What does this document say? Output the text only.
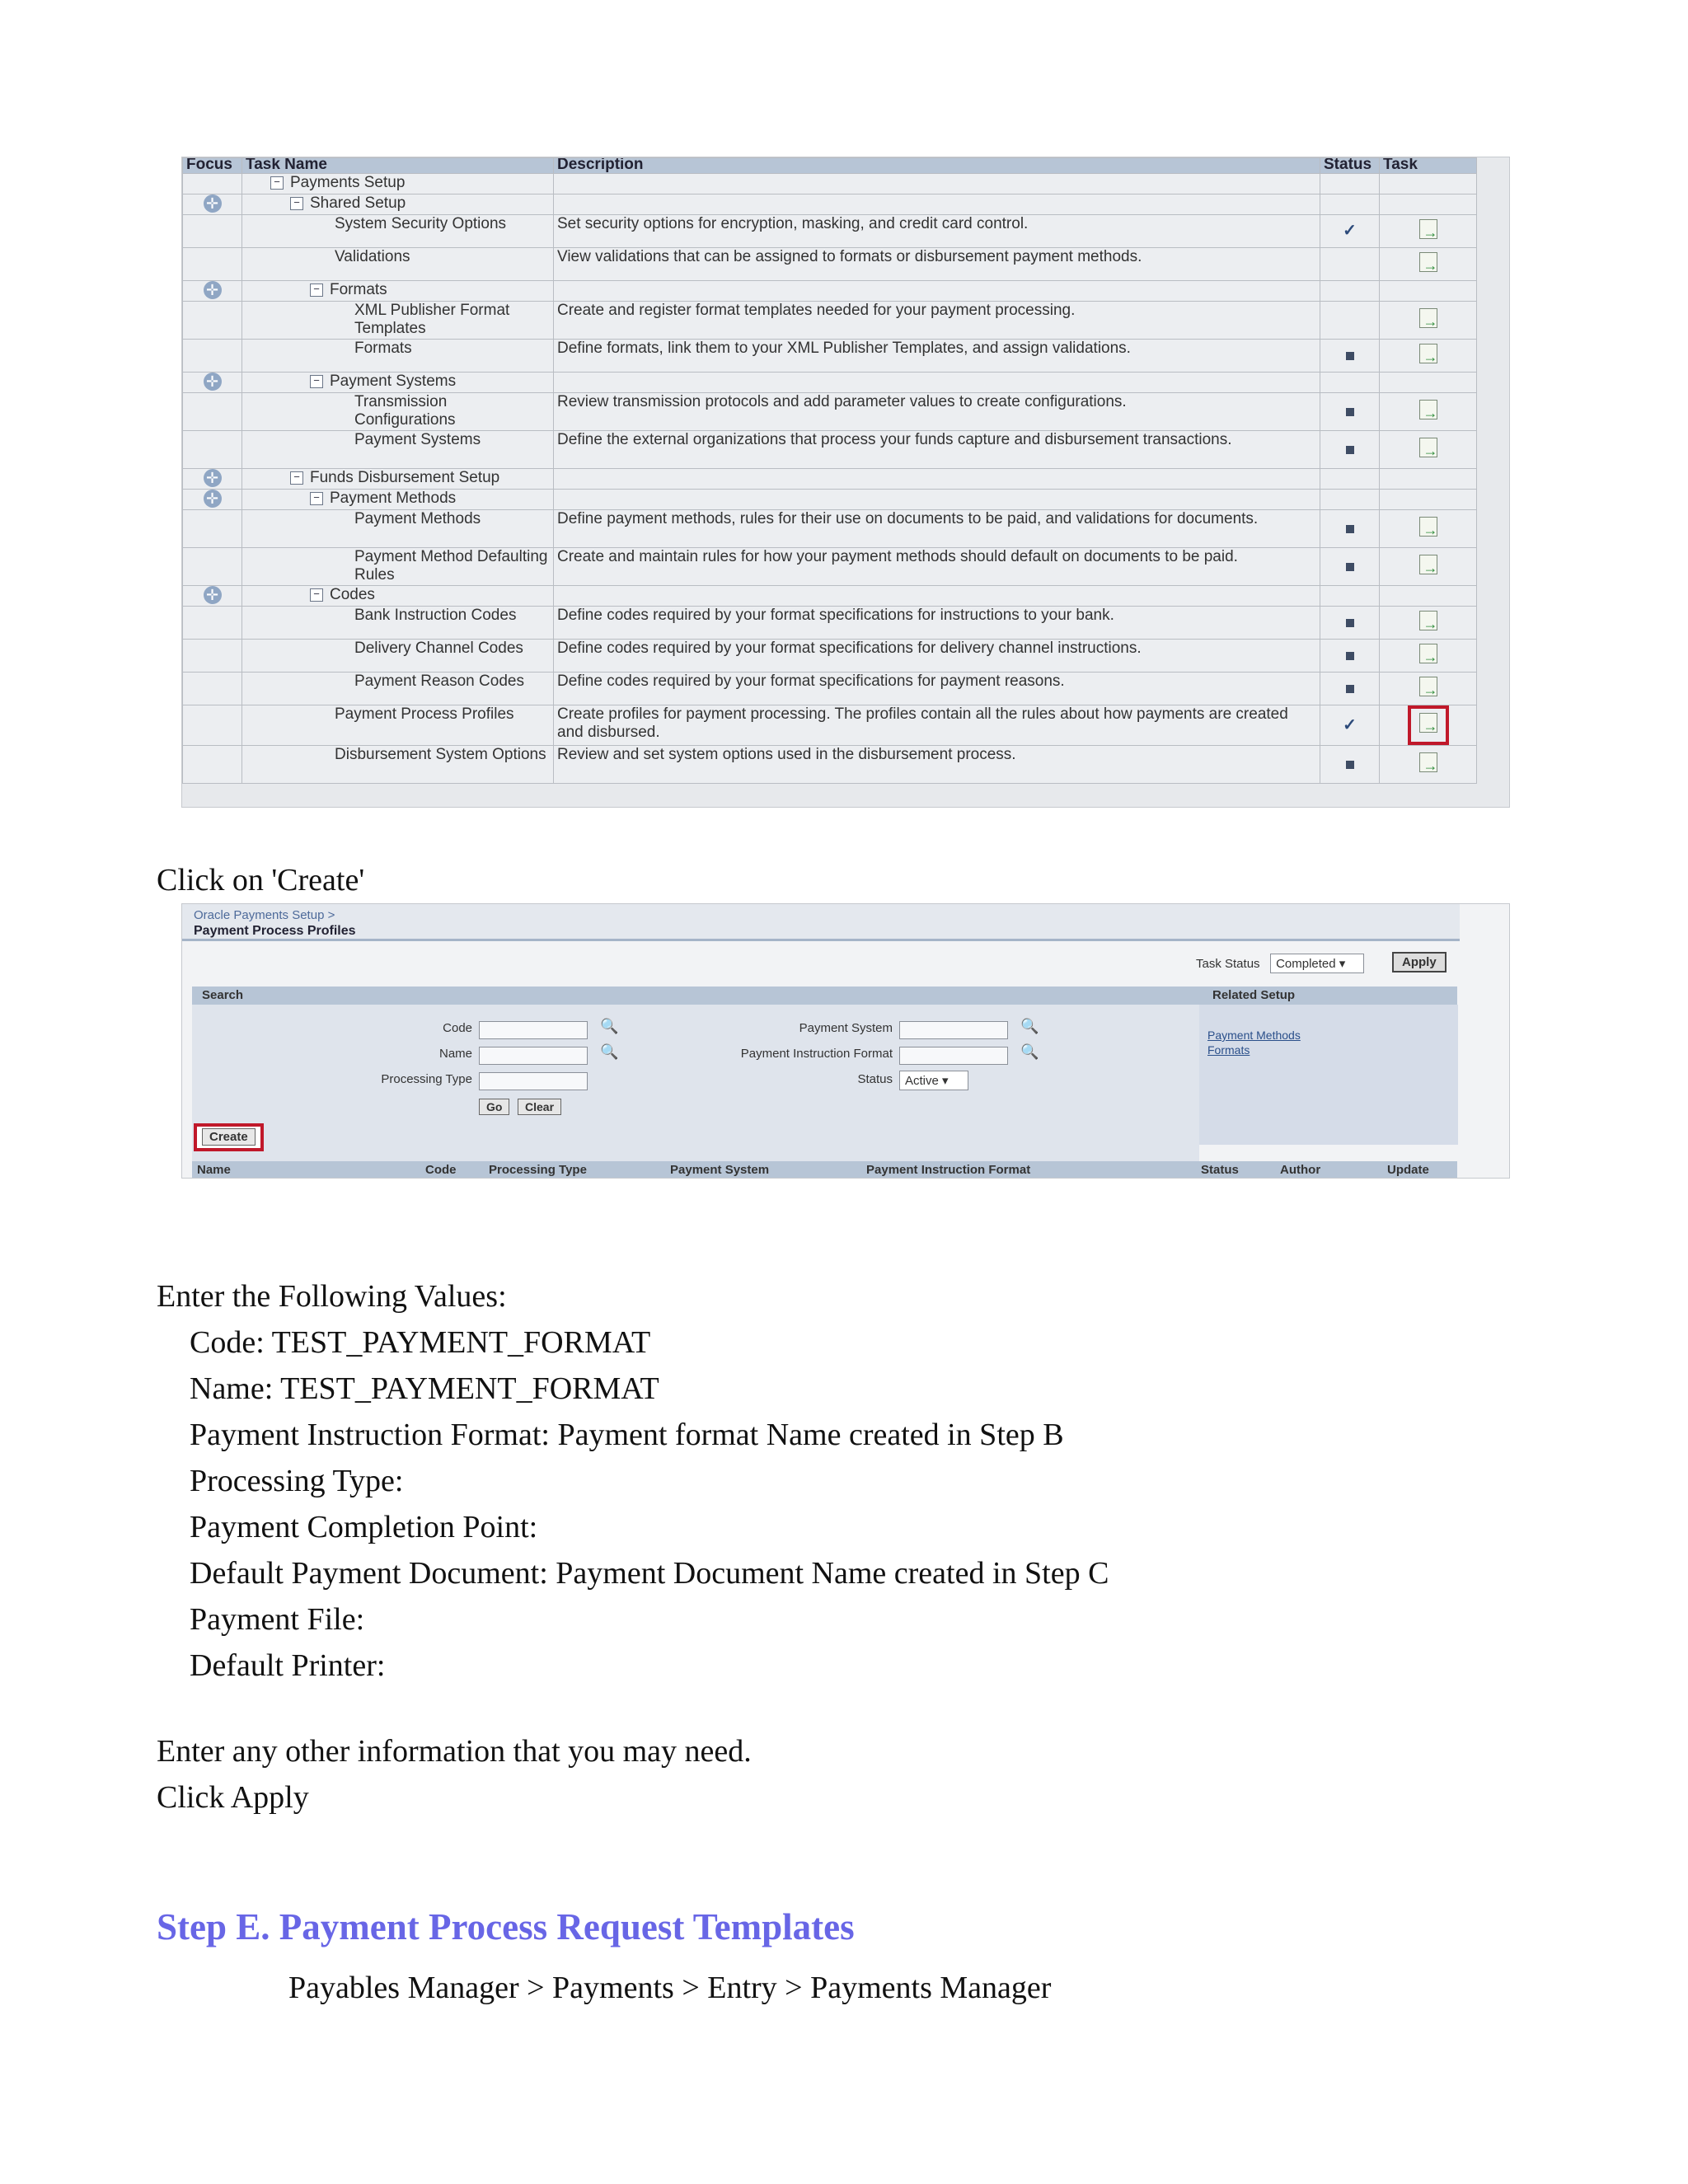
Focus	Task Name	Description	Status	Task
	− Payments Setup			
✛	− Shared Setup			
	System Security Options	Set security options for encryption, masking, and credit card control.	✓	→
	Validations	View validations that can be assigned to formats or disbursement payment methods.		→
✛	− Formats			
	XML Publisher Format Templates	Create and register format templates needed for your payment processing.		→
	Formats	Define formats, link them to your XML Publisher Templates, and assign validations.		→
✛	− Payment Systems			
	Transmission Configurations	Review transmission protocols and add parameter values to create configurations.		→
	Payment Systems	Define the external organizations that process your funds capture and disbursement transactions.		→
✛	− Funds Disbursement Setup			
✛	− Payment Methods			
	Payment Methods	Define payment methods, rules for their use on documents to be paid, and validations for documents.		→
	Payment Method Defaulting Rules	Create and maintain rules for how your payment methods should default on documents to be paid.		→
✛	− Codes			
	Bank Instruction Codes	Define codes required by your format specifications for instructions to your bank.		→
	Delivery Channel Codes	Define codes required by your format specifications for delivery channel instructions.		→
	Payment Reason Codes	Define codes required by your format specifications for payment reasons.		→
	Payment Process Profiles	Create profiles for payment processing. The profiles contain all the rules about how payments are created and disbursed.	✓	→
	Disbursement System Options	Review and set system options used in the disbursement process.		→

Click on 'Create'

Oracle Payments Setup >
Payment Process Profiles
Task Status Completed ▾	Apply
Search	Related Setup
Code	🔍
Name	🔍
Processing Type
Go	Clear
Payment System	🔍
Payment Instruction Format	🔍
Status	Active ▾
Payment Methods
Formats
Create
Name	Code	Processing Type	Payment System	Payment Instruction Format	Status	Author	Update
Enter the Following Values:
Code: TEST_PAYMENT_FORMAT
Name: TEST_PAYMENT_FORMAT
Payment Instruction Format: Payment format Name created in Step B
Processing Type:
Payment Completion Point:
Default Payment Document: Payment Document Name created in Step C
Payment File:
Default Printer:
Enter any other information that you may need.
Click Apply
Step E. Payment Process Request Templates

Payables Manager > Payments > Entry > Payments Manager
